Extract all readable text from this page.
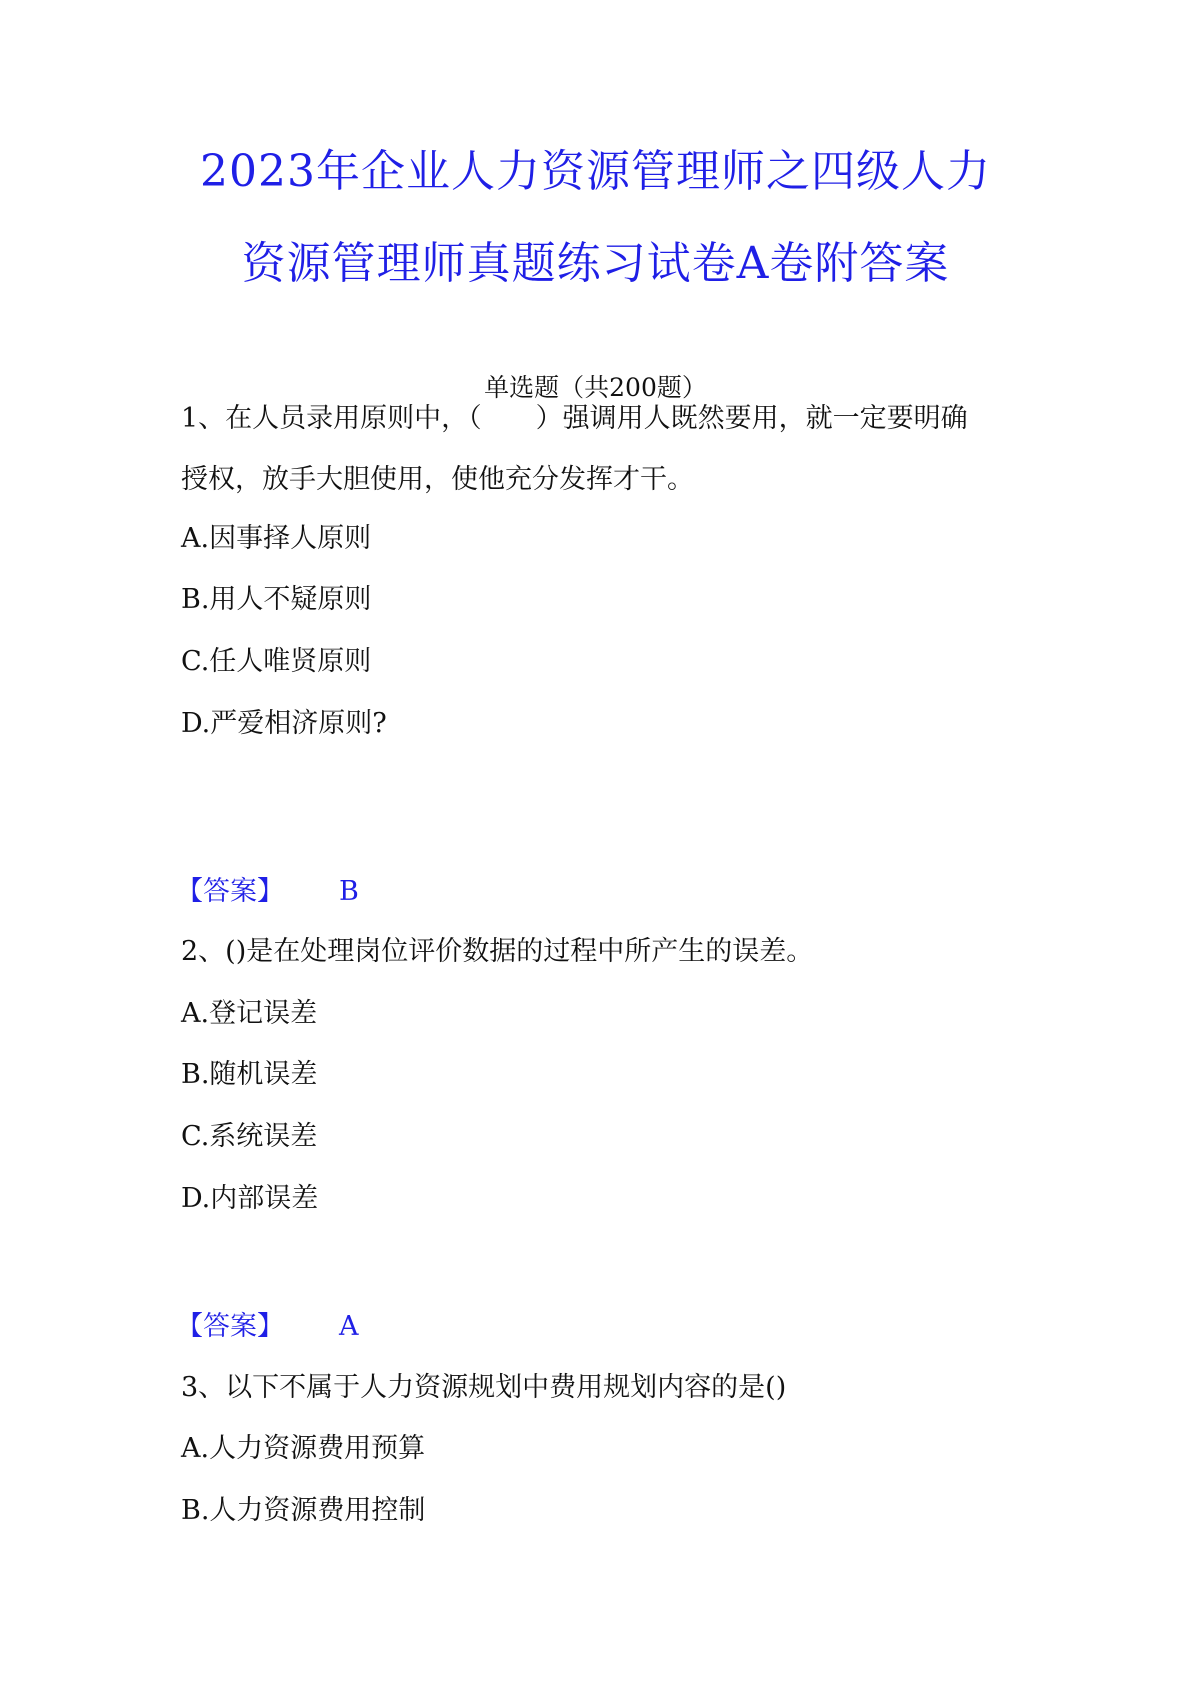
2023年企业人力资源管理师之四级人力
资源管理师真题练习试卷A卷附答案
单选题（共200题）
1、在人员录用原则中，（　　）强调用人既然要用，就一定要明确
授权，放手大胆使用，使他充分发挥才干。
A.因事择人原则
B.用人不疑原则
C.任人唯贤原则
D.严爱相济原则?
【答案】 B
2、()是在处理岗位评价数据的过程中所产生的误差。
A.登记误差
B.随机误差
C.系统误差
D.内部误差
【答案】 A
3、以下不属于人力资源规划中费用规划内容的是()
A.人力资源费用预算
B.人力资源费用控制
